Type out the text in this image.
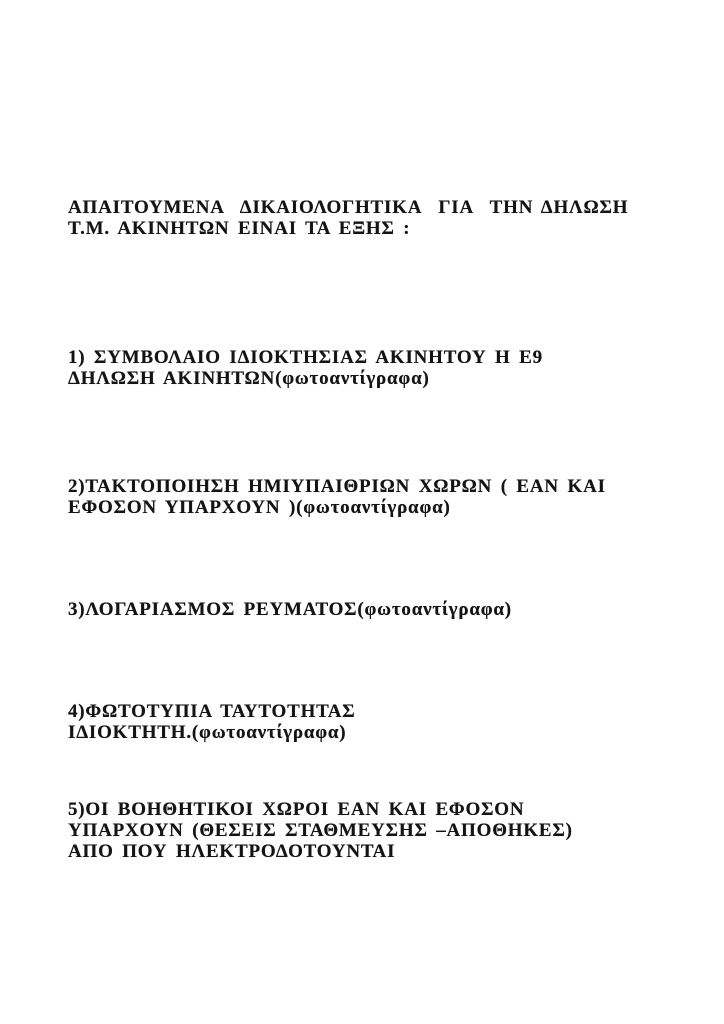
ΑΠΑΙΤΟΥΜΕΝΑ  ΔΙΚΑΙΟΛΟΓΗΤΙΚΑ  ΓΙΑ  ΤΗΝ ΔΗΛΩΣΗ
Τ.Μ. ΑΚΙΝΗΤΩΝ ΕΙΝΑΙ ΤΑ ΕΞΗΣ :
1) ΣΥΜΒΟΛΑΙΟ ΙΔΙΟΚΤΗΣΙΑΣ ΑΚΙΝΗΤΟΥ Η Ε9
ΔΗΛΩΣΗ ΑΚΙΝΗΤΩΝ(φωτοαντίγραφα)
2)ΤΑΚΤΟΠΟΙΗΣΗ ΗΜΙΥΠΑΙΘΡΙΩΝ ΧΩΡΩΝ ( ΕΑΝ ΚΑΙ
ΕΦΟΣΟΝ ΥΠΑΡΧΟΥΝ )(φωτοαντίγραφα)
3)ΛΟΓΑΡΙΑΣΜΟΣ ΡΕΥΜΑΤΟΣ(φωτοαντίγραφα)
4)ΦΩΤΟΤΥΠΙΑ ΤΑΥΤΟΤΗΤΑΣ
ΙΔΙΟΚΤΗΤΗ.(φωτοαντίγραφα)
5)ΟΙ ΒΟΗΘΗΤΙΚΟΙ ΧΩΡΟΙ ΕΑΝ ΚΑΙ ΕΦΟΣΟΝ
ΥΠΑΡΧΟΥΝ (ΘΕΣΕΙΣ ΣΤΑΘΜΕΥΣΗΣ –ΑΠΟΘΗΚΕΣ)
ΑΠΟ ΠΟΥ ΗΛΕΚΤΡΟΔΟΤΟΥΝΤΑΙ
